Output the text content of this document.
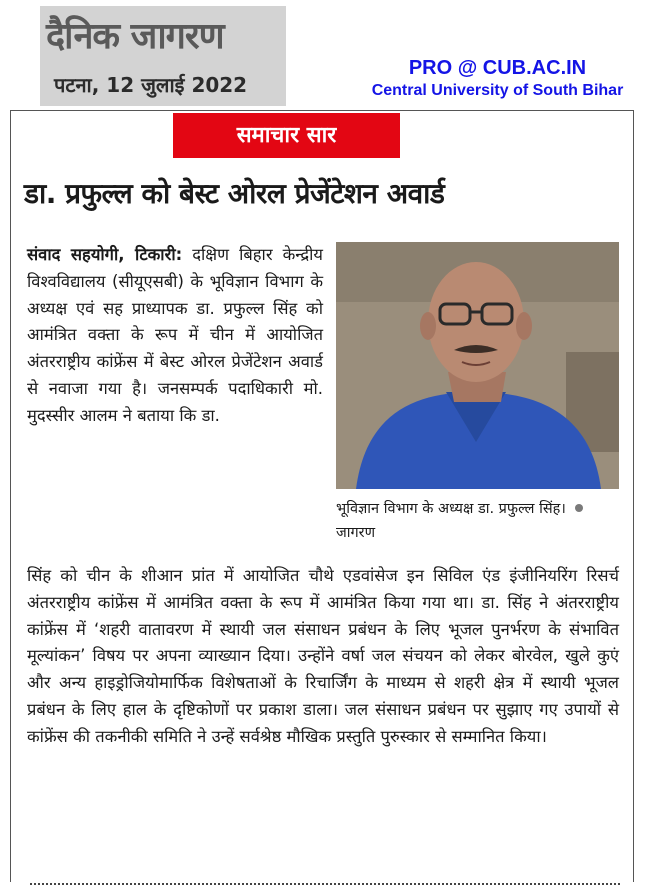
दैनिक जागरण
पटना, 12 जुलाई 2022
PRO @ CUB.AC.IN
Central University of South Bihar
समाचार सार
डा. प्रफुल्ल को बेस्ट ओरल प्रेजेंटेशन अवार्ड
संवाद सहयोगी, टिकारी: दक्षिण बिहार केन्द्रीय विश्वविद्यालय (सीयूएसबी) के भूविज्ञान विभाग के अध्यक्ष एवं सह प्राध्यापक डा. प्रफुल्ल सिंह को आमंत्रित वक्ता के रूप में चीन में आयोजित अंतरराष्ट्रीय कांफ्रेंस में बेस्ट ओरल प्रेजेंटेशन अवार्ड से नवाजा गया है। जनसम्पर्क पदाधिकारी मो. मुदस्सीर आलम ने बताया कि डा.
भूविज्ञान विभाग के अध्यक्ष डा. प्रफुल्ल सिंह।  जागरण
सिंह को चीन के शीआन प्रांत में आयोजित चौथे एडवांसेज इन सिविल एंड इंजीनियरिंग रिसर्च अंतरराष्ट्रीय कांफ्रेंस में आमंत्रित वक्ता के रूप में आमंत्रित किया गया था। डा. सिंह ने अंतरराष्ट्रीय कांफ्रेंस में ‘शहरी वातावरण में स्थायी जल संसाधन प्रबंधन के लिए भूजल पुनर्भरण के संभावित मूल्यांकन’ विषय पर अपना व्याख्यान दिया। उन्होंने वर्षा जल संचयन को लेकर बोरवेल, खुले कुएं और अन्य हाइड्रोजियोमार्फिक विशेषताओं के रिचार्जिंग के माध्यम से शहरी क्षेत्र में स्थायी भूजल प्रबंधन के लिए हाल के दृष्टिकोणों पर प्रकाश डाला। जल संसाधन प्रबंधन पर सुझाए गए उपायों से कांफ्रेंस की तकनीकी समिति ने उन्हें सर्वश्रेष्ठ मौखिक प्रस्तुति पुरुस्कार से सम्मानित किया।
